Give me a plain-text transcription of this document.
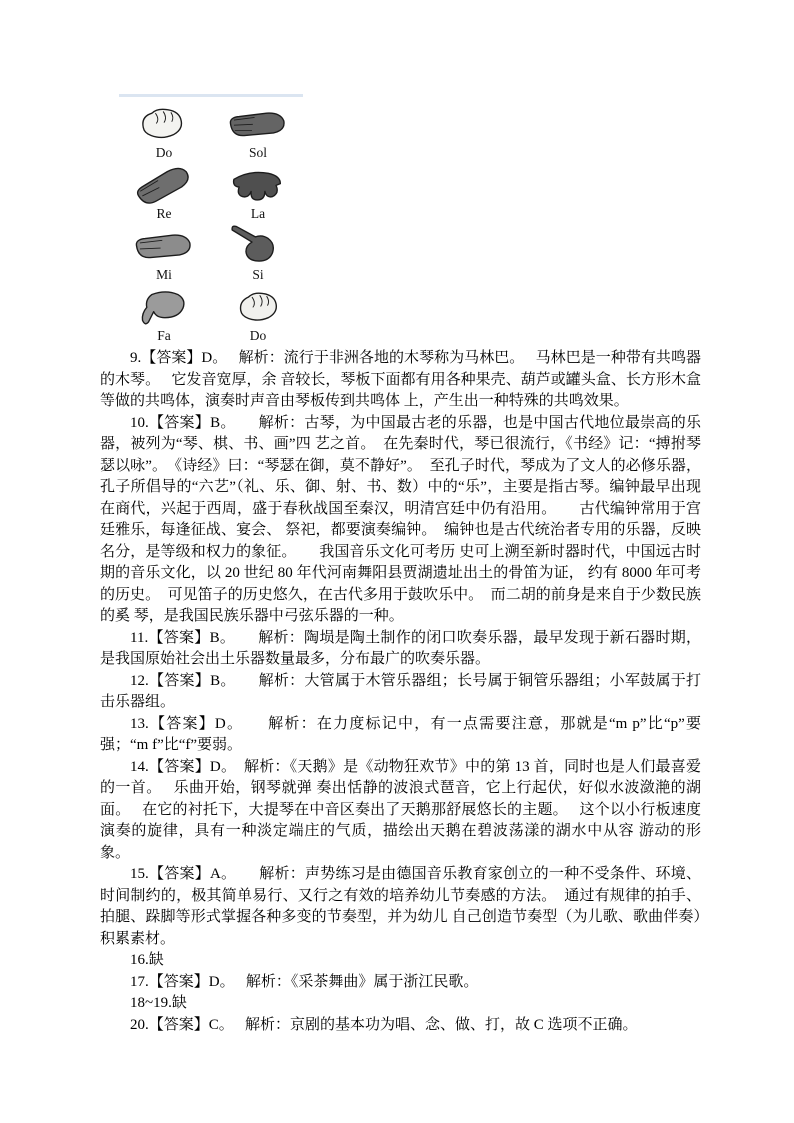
Do	Sol
Re	La
Mi	Si
Fa	Do

9.【答案】D。　 解析：流行于非洲各地的木琴称为马林巴。　 马林巴是一种带有共鸣器的木琴。　 它发音宽厚，余 音较长，琴板下面都有用各种果壳、葫芦或罐头盒、长方形木盒等做的共鸣体，演奏时声音由琴板传到共鸣体 上，产生出一种特殊的共鸣效果。

10.【答案】B。　　解析：古琴，为中国最古老的乐器，也是中国古代地位最崇高的乐器，被列为“琴、棋、书、画”四 艺之首。　在先秦时代，琴已很流行，《书经》记：“搏拊琴瑟以咏”。　《诗经》曰：“琴瑟在御，莫不静好”。　至孔子时代，琴成为了文人的必修乐器，孔子所倡导的“六艺”（礼、乐、御、射、书、数）中的“乐”，主要是指古琴。编钟最早出现 在商代，兴起于西周，盛于春秋战国至秦汉，明清宫廷中仍有沿用。　　古代编钟常用于宫廷雅乐，每逢征战、宴会、 祭祀，都要演奏编钟。　编钟也是古代统治者专用的乐器，反映名分，是等级和权力的象征。　　我国音乐文化可考历 史可上溯至新时器时代，中国远古时期的音乐文化，以 20 世纪 80 年代河南舞阳县贾湖遗址出土的骨笛为证， 约有 8000 年可考的历史。　可见笛子的历史悠久，在古代多用于鼓吹乐中。　而二胡的前身是来自于少数民族的奚 琴，是我国民族乐器中弓弦乐器的一种。

11.【答案】B。　　解析：陶埙是陶土制作的闭口吹奏乐器，最早发现于新石器时期，是我国原始社会出土乐器数量最多，分布最广的吹奏乐器。

12.【答案】B。　　解析：大管属于木管乐器组；长号属于铜管乐器组；小军鼓属于打击乐器组。

13.【答案】D。　　解析：在力度标记中，有一点需要注意，那就是“m p”比“p”要强；“m f”比“f”要弱。

14.【答案】D。　解析：《天鹅》是《动物狂欢节》中的第 13 首，同时也是人们最喜爱的一首。　 乐曲开始，钢琴就弹 奏出恬静的波浪式琶音，它上行起伏，好似水波潋滟的湖面。　 在它的衬托下，大提琴在中音区奏出了天鹅那舒展悠长的主题。　 这个以小行板速度演奏的旋律，具有一种淡定端庄的气质，描绘出天鹅在碧波荡漾的湖水中从容 游动的形象。

15.【答案】A。　　解析：声势练习是由德国音乐教育家创立的一种不受条件、环境、时间制约的，极其简单易行、又行之有效的培养幼儿节奏感的方法。　通过有规律的拍手、拍腿、跺脚等形式掌握各种多变的节奏型，并为幼儿 自己创造节奏型（为儿歌、歌曲伴奏）积累素材。

16.缺

17.【答案】D。　 解析：《采茶舞曲》属于浙江民歌。

18~19.缺

20.【答案】C。　 解析：京剧的基本功为唱、念、做、打，故 C 选项不正确。
